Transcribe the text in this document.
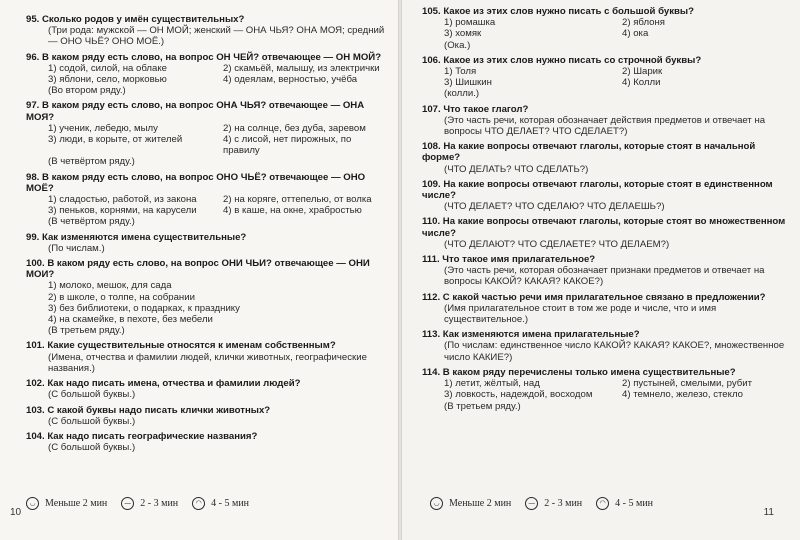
95. Сколько родов у имён существительных?
(Три рода: мужской — ОН МОЙ; женский — ОНА ЧЬЯ? ОНА МОЯ; средний — ОНО ЧЬЁ? ОНО МОЁ.)
96. В каком ряду есть слово, на вопрос ОН ЧЕЙ? отвечающее — ОН МОЙ?
1) содой, силой, на облаке	2) скамьёй, малышу, из электрички
3) яблони, село, морковью	4) одеялам, верностью, учёба
(Во втором ряду.)
97. В каком ряду есть слово, на вопрос ОНА ЧЬЯ? отвечающее — ОНА МОЯ?
1) ученик, лебедю, мылу	2) на солнце, без дуба, заревом
3) люди, в корыте, от жителей	4) с лисой, нет пирожных, по правилу
(В четвёртом ряду.)
98. В каком ряду есть слово, на вопрос ОНО ЧЬЁ? отвечающее — ОНО МОЁ?
1) сладостью, работой, из закона	2) на коряге, оттепелью, от волка
3) пеньков, корнями, на карусели	4) в каше, на окне, храбростью
(В четвёртом ряду.)
99. Как изменяются имена существительные?
(По числам.)
100. В каком ряду есть слово, на вопрос ОНИ ЧЬИ? отвечающее — ОНИ МОИ?
1) молоко, мешок, для сада
2) в школе, о толпе, на собрании
3) без библиотеки, о подарках, к празднику
4) на скамейке, в пехоте, без мебели
(В третьем ряду.)
101. Какие существительные относятся к именам собственным?
(Имена, отчества и фамилии людей, клички животных, географические названия.)
102. Как надо писать имена, отчества и фамилии людей?
(С большой буквы.)
103. С какой буквы надо писать клички животных?
(С большой буквы.)
104. Как надо писать географические названия?
(С большой буквы.)
◡ Меньше 2 мин	— 2 - 3 мин	◠ 4 - 5 мин
10
105. Какое из этих слов нужно писать с большой буквы?
1) ромашка	2) яблоня
3) хомяк	4) ока
(Ока.)
106. Какое из этих слов нужно писать со строчной буквы?
1) Толя	2) Шарик
3) Шишкин	4) Колли
(колли.)
107. Что такое глагол?
(Это часть речи, которая обозначает действия предметов и отвечает на вопросы ЧТО ДЕЛАЕТ? ЧТО СДЕЛАЕТ?)
108. На какие вопросы отвечают глаголы, которые стоят в начальной форме?
(ЧТО ДЕЛАТЬ? ЧТО СДЕЛАТЬ?)
109. На какие вопросы отвечают глаголы, которые стоят в единственном числе?
(ЧТО ДЕЛАЕТ? ЧТО СДЕЛАЮ? ЧТО ДЕЛАЕШЬ?)
110. На какие вопросы отвечают глаголы, которые стоят во множественном числе?
(ЧТО ДЕЛАЮТ? ЧТО СДЕЛАЕТЕ? ЧТО ДЕЛАЕМ?)
111. Что такое имя прилагательное?
(Это часть речи, которая обозначает признаки предметов и отвечает на вопросы КАКОЙ? КАКАЯ? КАКОЕ?)
112. С какой частью речи имя прилагательное связано в предложении?
(Имя прилагательное стоит в том же роде и числе, что и имя существительное.)
113. Как изменяются имена прилагательные?
(По числам: единственное число КАКОЙ? КАКАЯ? КАКОЕ?, множественное число КАКИЕ?)
114. В каком ряду перечислены только имена существительные?
1) летит, жёлтый, над	2) пустыней, смелыми, рубит
3) ловкость, надеждой, восходом	4) темнело, железо, стекло
(В третьем ряду.)
◡ Меньше 2 мин	— 2 - 3 мин	◠ 4 - 5 мин
11
